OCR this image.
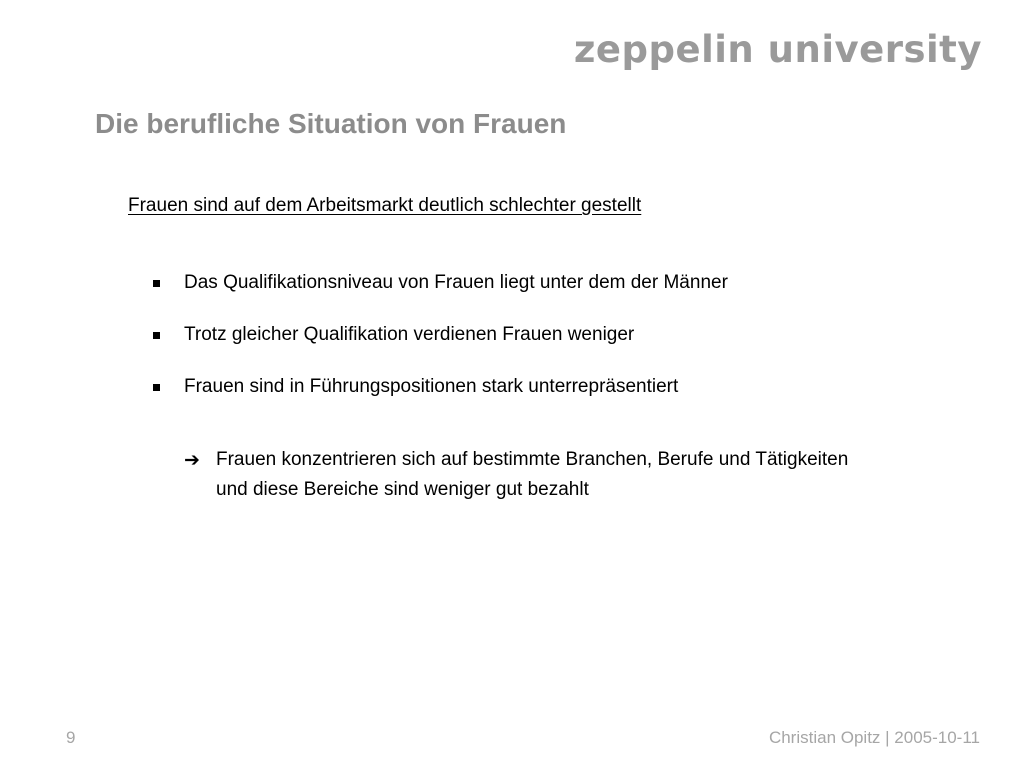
zeppelin university
Die berufliche Situation von Frauen
Frauen sind auf dem Arbeitsmarkt deutlich schlechter gestellt
Das Qualifikationsniveau von Frauen liegt unter dem der Männer
Trotz gleicher Qualifikation verdienen Frauen weniger
Frauen sind in Führungspositionen stark unterrepräsentiert
➔ Frauen konzentrieren sich auf bestimmte Branchen, Berufe und Tätigkeiten
und diese Bereiche sind weniger gut bezahlt
9	Christian Opitz | 2005-10-11
